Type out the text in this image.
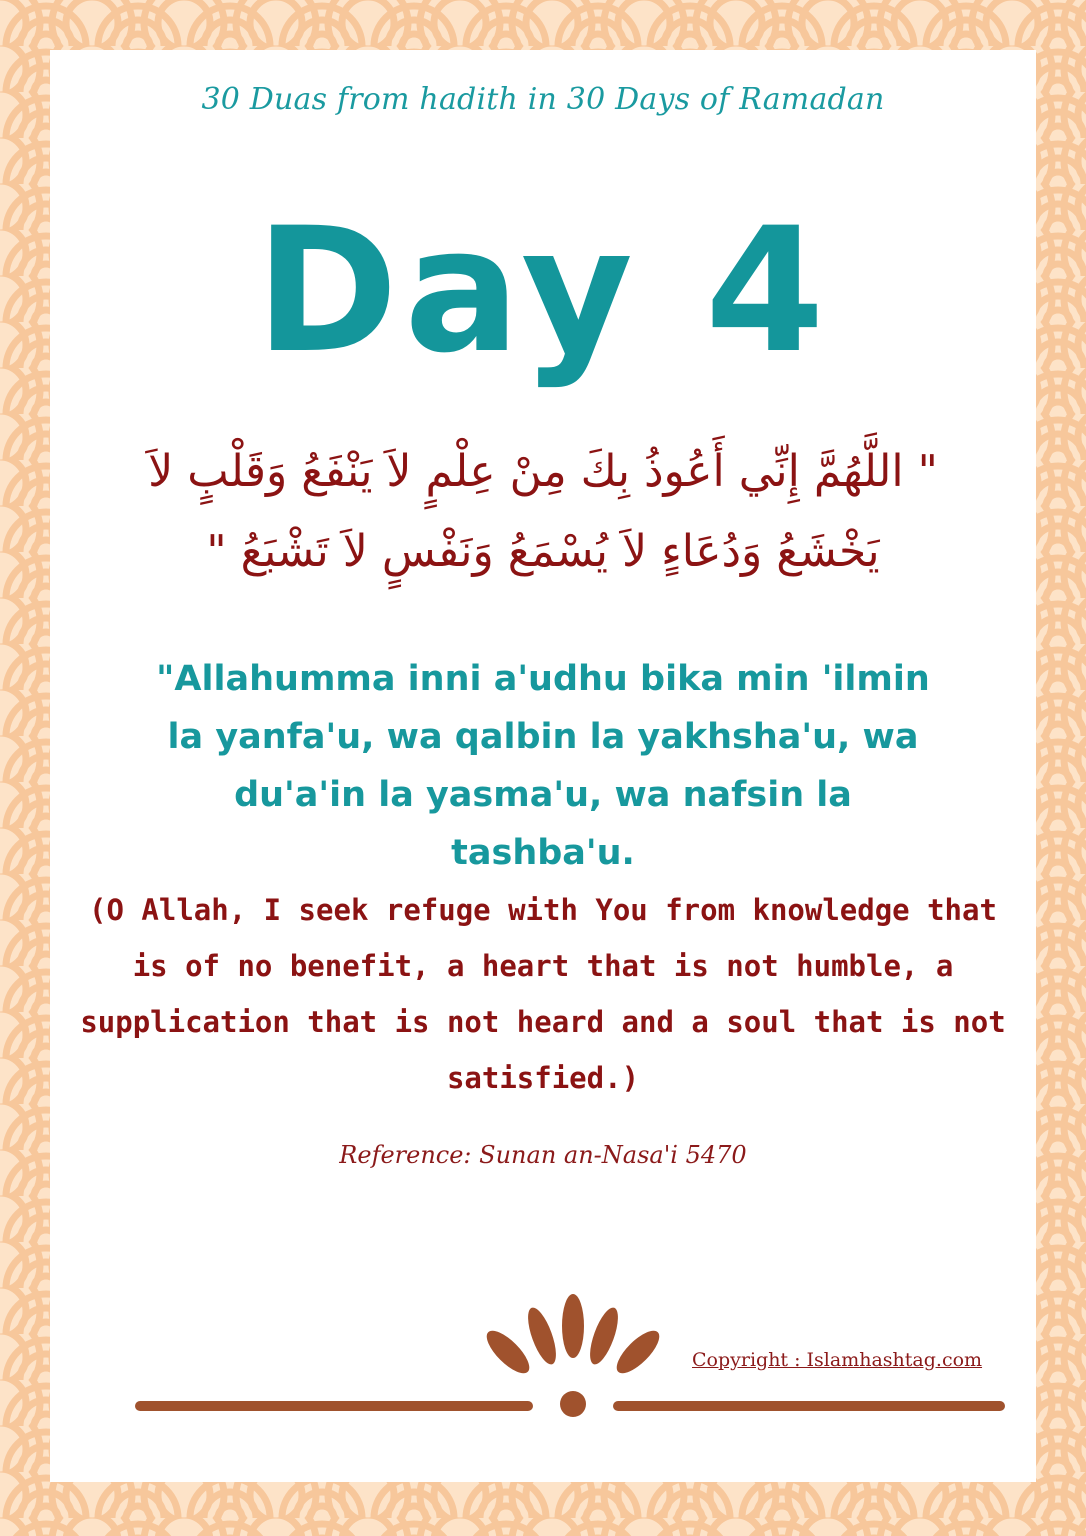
30 Duas from hadith in 30 Days of Ramadan
Day 4
" اللَّهُمَّ إِنِّي أَعُوذُ بِكَ مِنْ عِلْمٍ لاَ يَنْفَعُ وَقَلْبٍ لاَ يَخْشَعُ وَدُعَاءٍ لاَ يُسْمَعُ وَنَفْسٍ لاَ تَشْبَعُ "
"Allahumma inni a'udhu bika min 'ilmin la yanfa'u, wa qalbin la yakhsha'u, wa du'a'in la yasma'u, wa nafsin la tashba'u.
(O Allah, I seek refuge with You from knowledge that is of no benefit, a heart that is not humble, a supplication that is not heard and a soul that is not satisfied.)
Reference: Sunan an-Nasa'i 5470
Copyright : Islamhashtag.com
